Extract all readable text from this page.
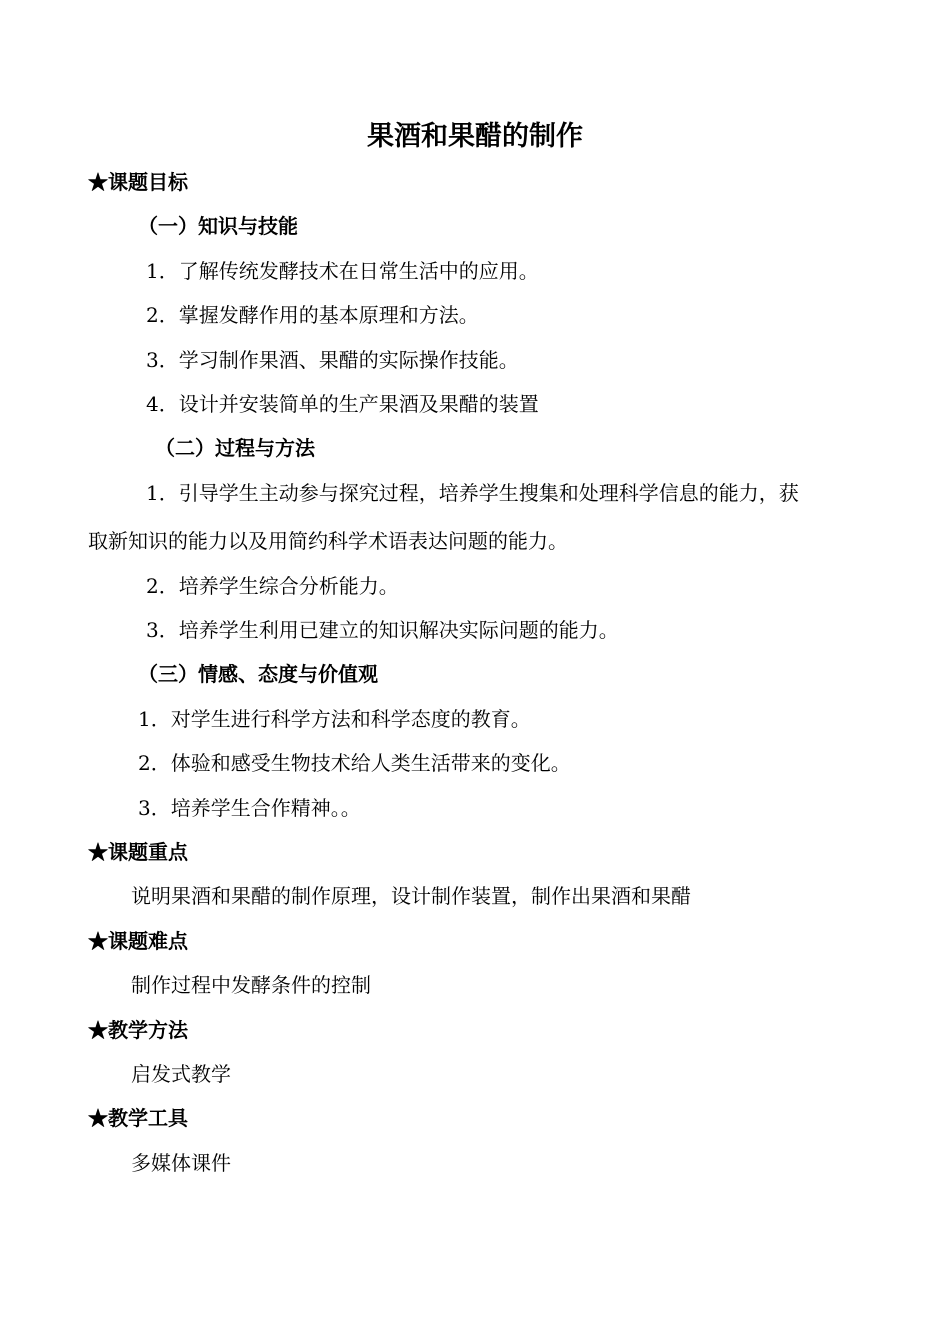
果酒和果醋的制作
★课题目标
（一）知识与技能
1．了解传统发酵技术在日常生活中的应用。
2．掌握发酵作用的基本原理和方法。
3．学习制作果酒、果醋的实际操作技能。
4．设计并安装简单的生产果酒及果醋的装置
（二）过程与方法
1．引导学生主动参与探究过程，培养学生搜集和处理科学信息的能力，获
取新知识的能力以及用简约科学术语表达问题的能力。
2．培养学生综合分析能力。
3．培养学生利用已建立的知识解决实际问题的能力。
（三）情感、态度与价值观
1．对学生进行科学方法和科学态度的教育。
2．体验和感受生物技术给人类生活带来的变化。
3．培养学生合作精神。。
★课题重点
说明果酒和果醋的制作原理，设计制作装置，制作出果酒和果醋
★课题难点
制作过程中发酵条件的控制
★教学方法
启发式教学
★教学工具
多媒体课件
